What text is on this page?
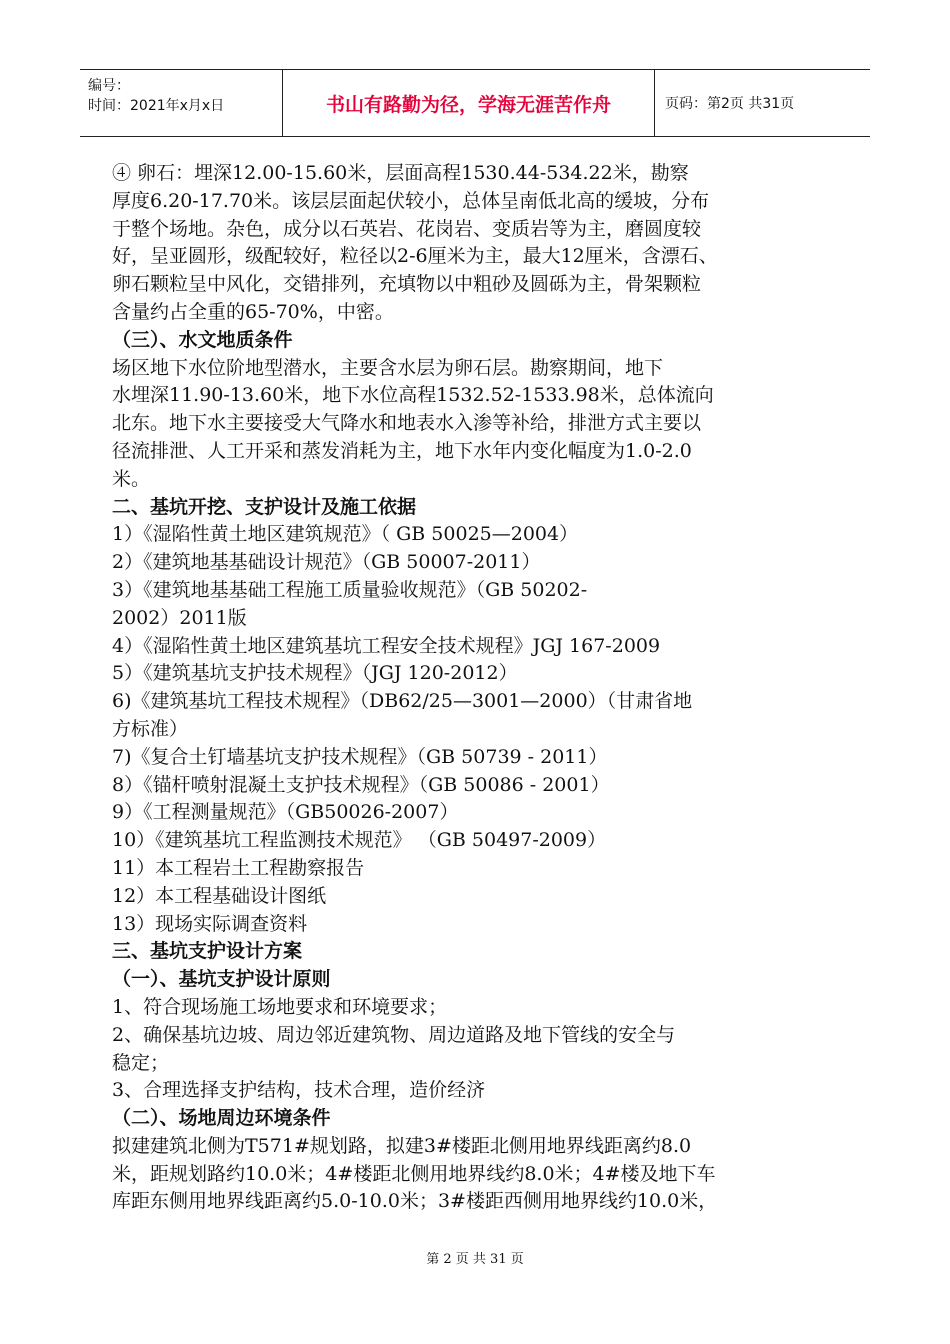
编号：
时间：2021年x月x日	书山有路勤为径，学海无涯苦作舟	页码：第2页 共31页
④ 卵石：埋深12.00-15.60米，层面高程1530.44-534.22米，勘察
厚度6.20-17.70米。该层层面起伏较小，总体呈南低北高的缓坡，分布
于整个场地。杂色，成分以石英岩、花岗岩、变质岩等为主，磨圆度较
好，呈亚圆形，级配较好，粒径以2-6厘米为主，最大12厘米，含漂石、
卵石颗粒呈中风化，交错排列，充填物以中粗砂及圆砾为主，骨架颗粒
含量约占全重的65-70%，中密。
（三）、水文地质条件
场区地下水位阶地型潜水，主要含水层为卵石层。勘察期间，地下
水埋深11.90-13.60米，地下水位高程1532.52-1533.98米，总体流向
北东。地下水主要接受大气降水和地表水入渗等补给，排泄方式主要以
径流排泄、人工开采和蒸发消耗为主，地下水年内变化幅度为1.0-2.0
米。
二、基坑开挖、支护设计及施工依据
1）《湿陷性黄土地区建筑规范》（ GB 50025—2004）
2）《建筑地基基础设计规范》（GB 50007-2011）
3）《建筑地基基础工程施工质量验收规范》（GB 50202-
2002）2011版
4）《湿陷性黄土地区建筑基坑工程安全技术规程》JGJ 167-2009
5）《建筑基坑支护技术规程》（JGJ 120-2012）
6)《建筑基坑工程技术规程》（DB62/25—3001—2000）（甘肃省地
方标准）
7)《复合土钉墙基坑支护技术规程》（GB 50739 - 2011）
8）《锚杆喷射混凝土支护技术规程》（GB 50086 - 2001）
9）《工程测量规范》（GB50026-2007）
10）《建筑基坑工程监测技术规范》 （GB 50497-2009）
11）本工程岩土工程勘察报告
12）本工程基础设计图纸
13）现场实际调查资料
三、基坑支护设计方案
（一）、基坑支护设计原则
1、符合现场施工场地要求和环境要求；
2、确保基坑边坡、周边邻近建筑物、周边道路及地下管线的安全与
稳定；
3、合理选择支护结构，技术合理，造价经济
（二）、场地周边环境条件
拟建建筑北侧为T571#规划路，拟建3#楼距北侧用地界线距离约8.0
米，距规划路约10.0米；4#楼距北侧用地界线约8.0米；4#楼及地下车
库距东侧用地界线距离约5.0-10.0米；3#楼距西侧用地界线约10.0米，
第 2 页 共 31 页
